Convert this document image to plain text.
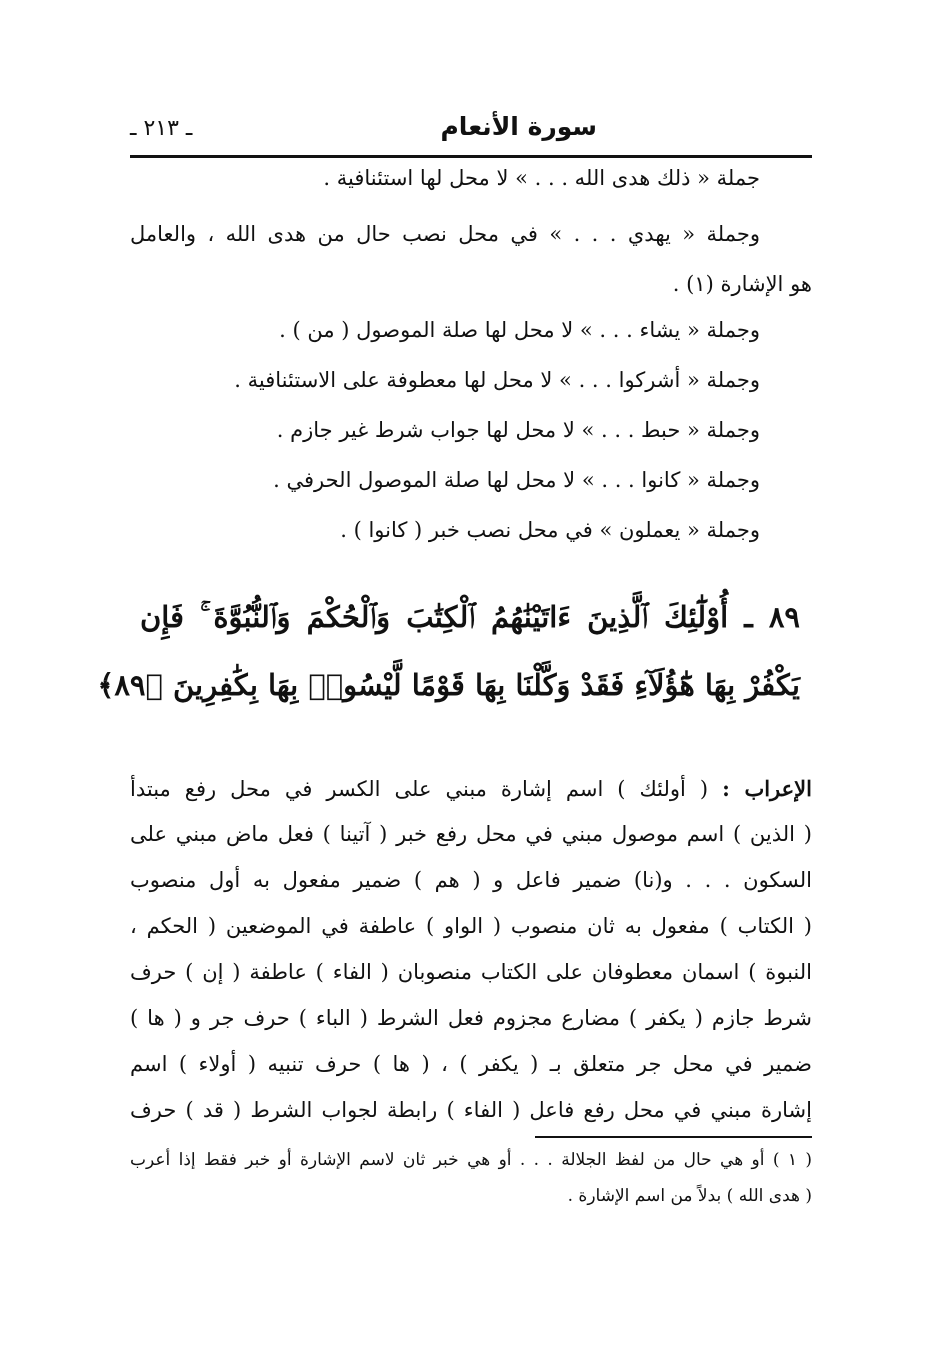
سورة الأنعام
ـ ٢١٣ ـ
جملة « ذلك هدى الله . . . » لا محل لها استئنافية .
وجملة « يهدي . . . » في محل نصب حال من هدى الله ، والعامل
هو الإشارة (١) .
وجملة « يشاء . . . » لا محل لها صلة الموصول ( من ) .
وجملة « أشركوا . . . » لا محل لها معطوفة على الاستئنافية .
وجملة « حبط . . . » لا محل لها جواب شرط غير جازم .
وجملة « كانوا . . . » لا محل لها صلة الموصول الحرفي .
وجملة « يعملون » في محل نصب خبر ( كانوا ) .
٨٩ ـ أُوْلَٰٓئِكَ ٱلَّذِينَ ءَاتَيْنَٰهُمُ ٱلْكِتَٰبَ وَٱلْحُكْمَ وَٱلنُّبُوَّةَ ۚ فَإِن
يَكْفُرْ بِهَا هَٰٓؤُلَآءِ فَقَدْ وَكَّلْنَا بِهَا قَوْمًا لَّيْسُوا۟ بِهَا بِكَٰفِرِينَ ﴿٨٩﴾
الإعراب : ( أولئك ) اسم إشارة مبني على الكسر في محل رفع مبتدأ
( الذين ) اسم موصول مبني في محل رفع خبر ( آتينا ) فعل ماض مبني على
السكون . . . و(نا) ضمير فاعل و ( هم ) ضمير مفعول به أول منصوب
( الكتاب ) مفعول به ثان منصوب ( الواو ) عاطفة في الموضعين ( الحكم ،
النبوة ) اسمان معطوفان على الكتاب منصوبان ( الفاء ) عاطفة ( إن ) حرف
شرط جازم ( يكفر ) مضارع مجزوم فعل الشرط ( الباء ) حرف جر و ( ها )
ضمير في محل جر متعلق بـ ( يكفر ) ، ( ها ) حرف تنبيه ( أولاء ) اسم
إشارة مبني في محل رفع فاعل ( الفاء ) رابطة لجواب الشرط ( قد ) حرف
( ١ ) أو هي حال من لفظ الجلالة . . . أو هي خبر ثان لاسم الإشارة أو خبر فقط إذا أعرب
( هدى الله ) بدلاً من اسم الإشارة .
